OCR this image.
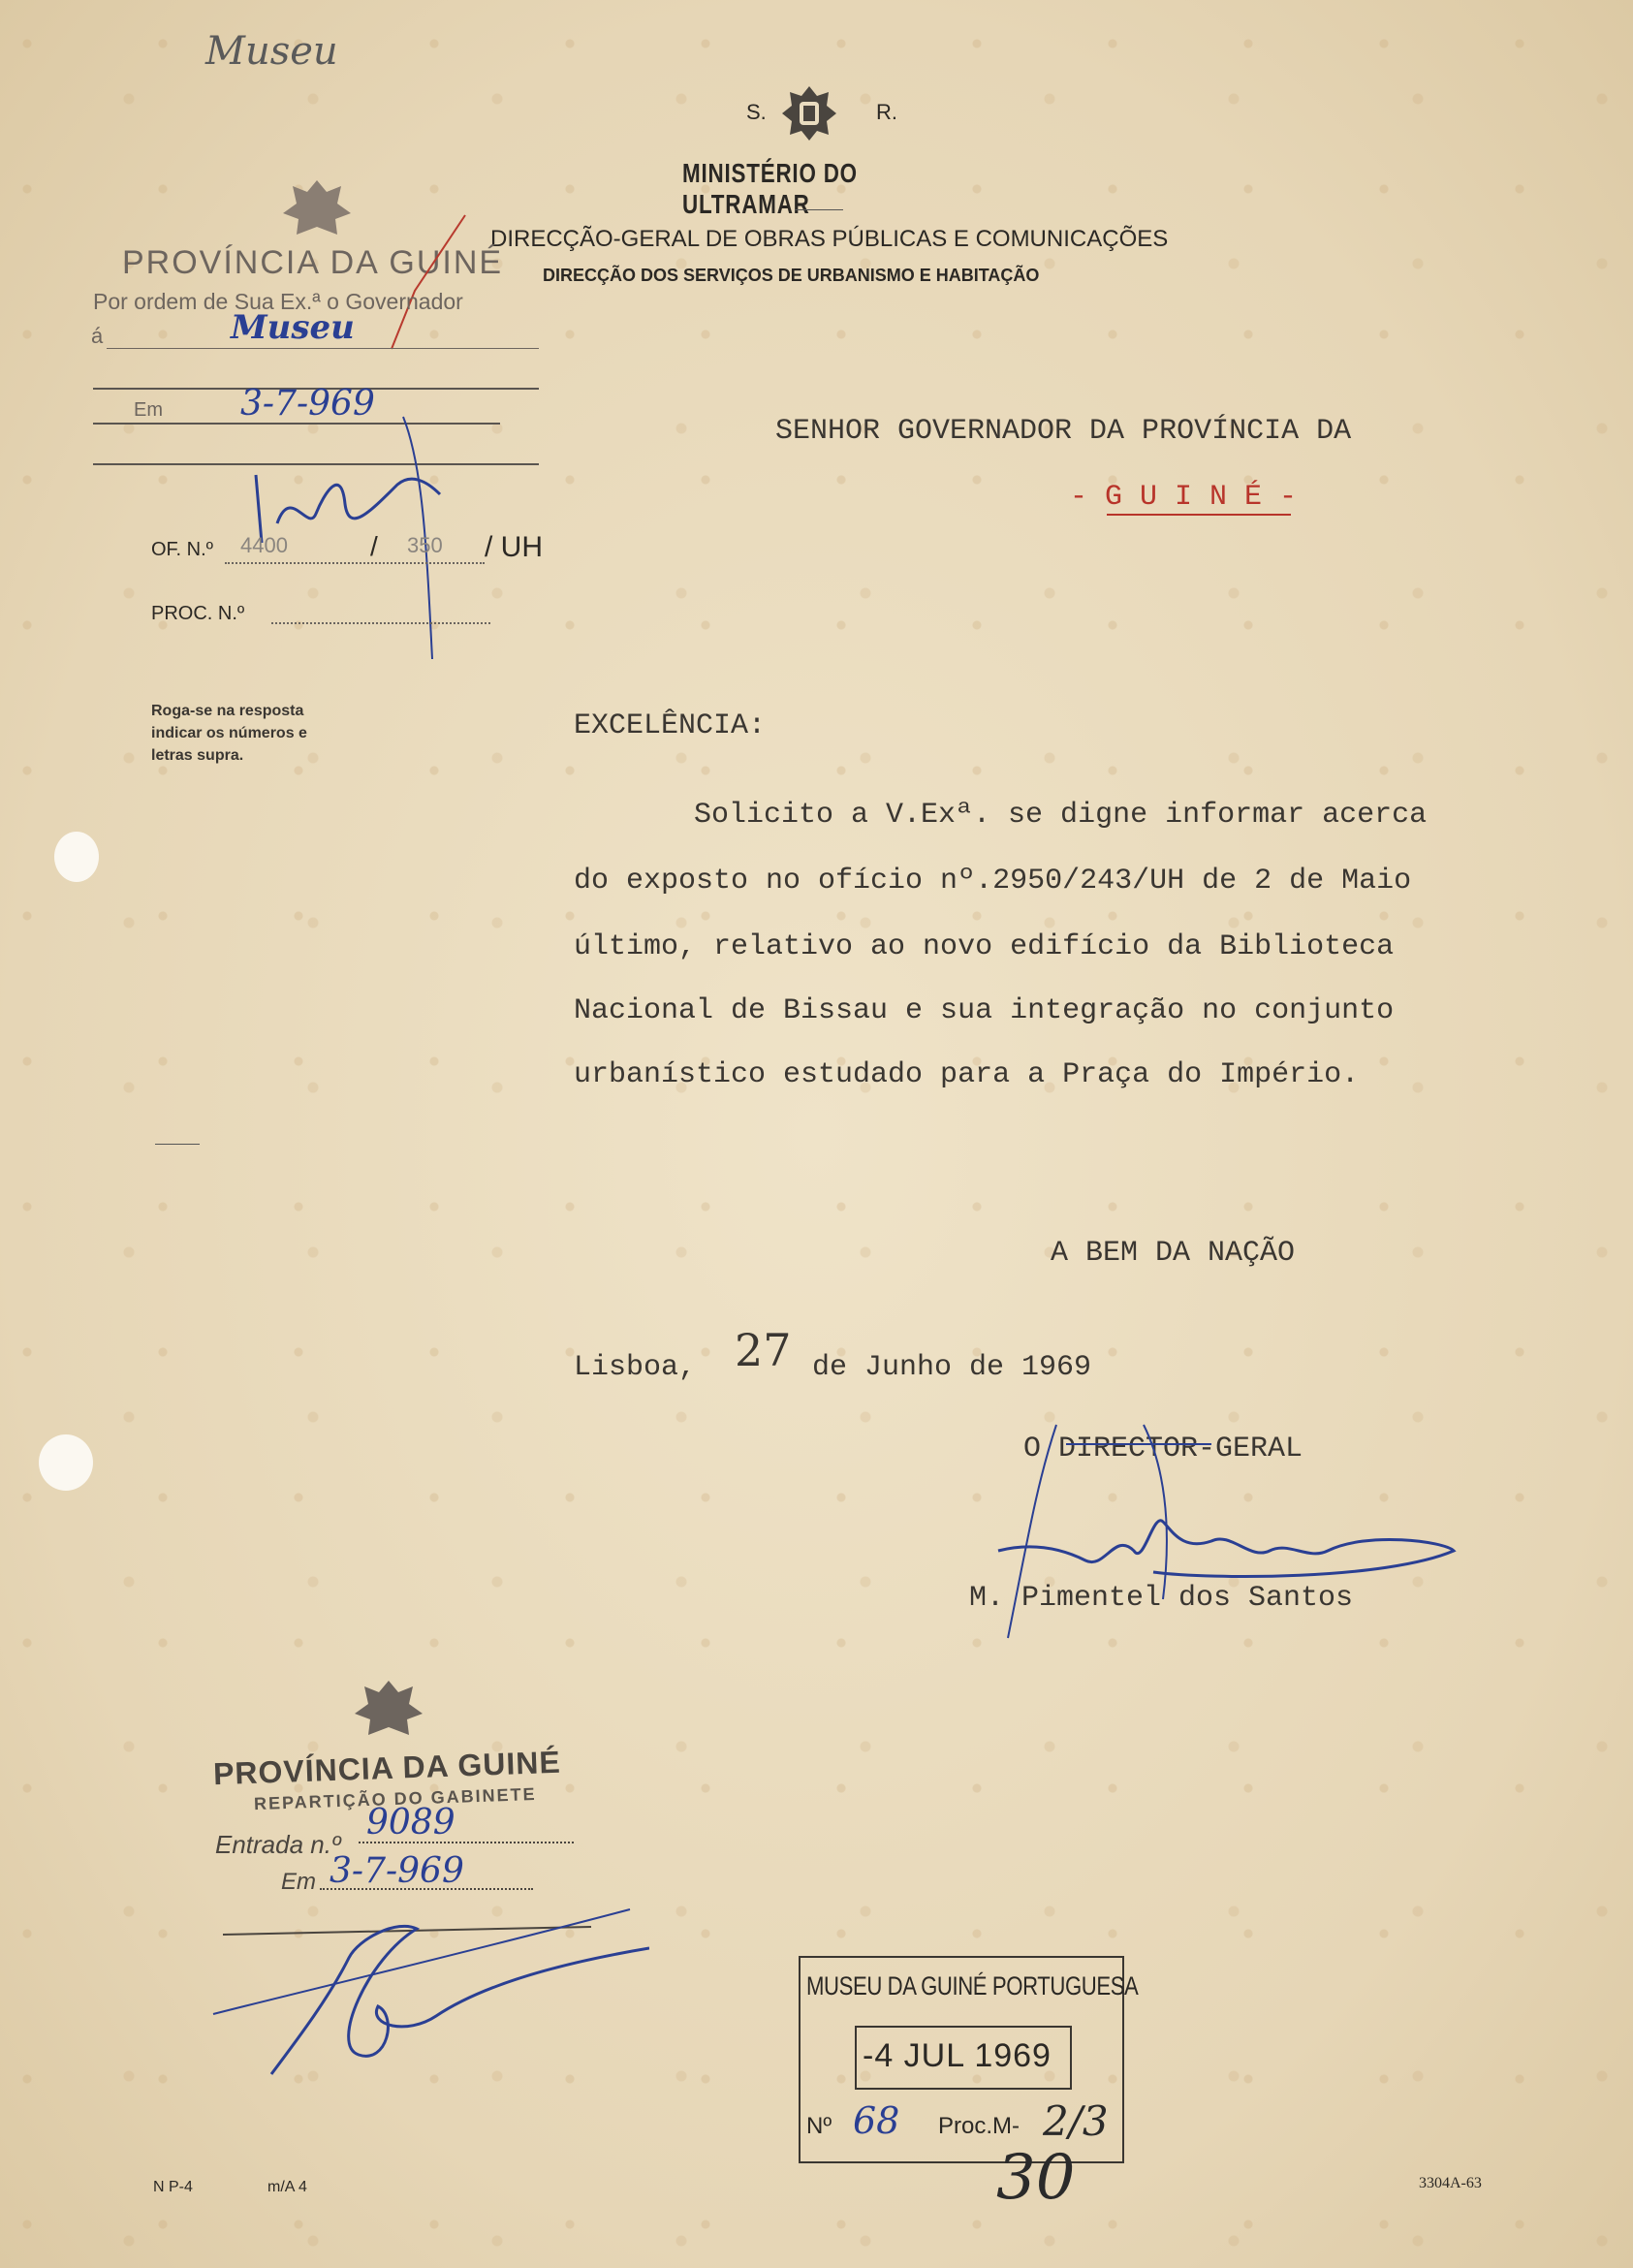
Museu
S.	R.
MINISTÉRIO DO ULTRAMAR
DIRECÇÃO-GERAL DE OBRAS PÚBLICAS E COMUNICAÇÕES
DIRECÇÃO DOS SERVIÇOS DE URBANISMO E HABITAÇÃO
PROVÍNCIA DA GUINÉ
Por ordem de Sua Ex.ª o Governador
á	Museu
Em 3-7-969
OF. N.º 4400	/ 350 / UH
PROC. N.º
Roga-se na resposta indicar os números e letras supra.
SENHOR GOVERNADOR DA PROVÍNCIA DA
- G U I N É -
EXCELÊNCIA:
Solicito a V.Exª. se digne informar acerca
do exposto no ofício nº.2950/243/UH de 2 de Maio
último, relativo ao novo edifício da Biblioteca
Nacional de Bissau e sua integração no conjunto
urbanístico estudado para a Praça do Império.
A BEM DA NAÇÃO
Lisboa, 27 de Junho de 1969
O DIRECTOR-GERAL
M. Pimentel dos Santos
PROVÍNCIA DA GUINÉ
REPARTIÇÃO DO GABINETE
Entrada n.º
9089
Em 3-7-969
MUSEU DA GUINÉ PORTUGUESA
-4 JUL 1969
Nº 68 Proc.M- 2/3
30
N P-4	m/A 4	3304A-63
